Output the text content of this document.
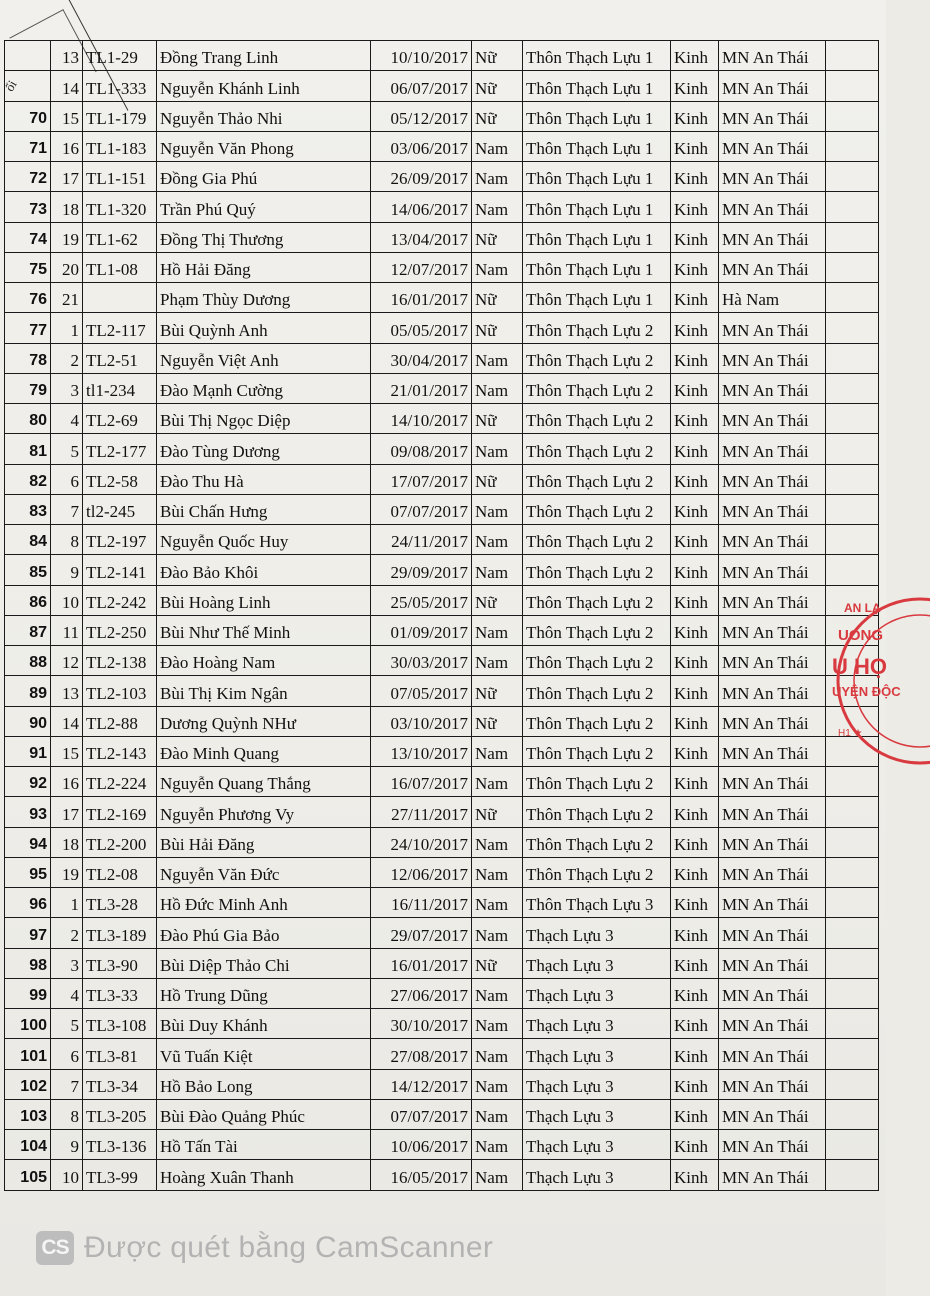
ối
	13	TL1-29	Đồng Trang Linh	10/10/2017	Nữ	Thôn Thạch Lựu 1	Kinh	MN An Thái	
	14	TL1-333	Nguyễn Khánh Linh	06/07/2017	Nữ	Thôn Thạch Lựu 1	Kinh	MN An Thái	
70	15	TL1-179	Nguyễn Thảo Nhi	05/12/2017	Nữ	Thôn Thạch Lựu 1	Kinh	MN An Thái	
71	16	TL1-183	Nguyễn Văn Phong	03/06/2017	Nam	Thôn Thạch Lựu 1	Kinh	MN An Thái	
72	17	TL1-151	Đồng Gia Phú	26/09/2017	Nam	Thôn Thạch Lựu 1	Kinh	MN An Thái	
73	18	TL1-320	Trần Phú Quý	14/06/2017	Nam	Thôn Thạch Lựu 1	Kinh	MN An Thái	
74	19	TL1-62	Đồng Thị Thương	13/04/2017	Nữ	Thôn Thạch Lựu 1	Kinh	MN An Thái	
75	20	TL1-08	Hồ Hải Đăng	12/07/2017	Nam	Thôn Thạch Lựu 1	Kinh	MN An Thái	
76	21		Phạm Thùy Dương	16/01/2017	Nữ	Thôn Thạch Lựu 1	Kinh	Hà Nam	
77	1	TL2-117	Bùi Quỳnh Anh	05/05/2017	Nữ	Thôn Thạch Lựu 2	Kinh	MN An Thái	
78	2	TL2-51	Nguyễn Việt Anh	30/04/2017	Nam	Thôn Thạch Lựu 2	Kinh	MN An Thái	
79	3	tl1-234	Đào Mạnh Cường	21/01/2017	Nam	Thôn Thạch Lựu 2	Kinh	MN An Thái	
80	4	TL2-69	Bùi Thị Ngọc Diệp	14/10/2017	Nữ	Thôn Thạch Lựu 2	Kinh	MN An Thái	
81	5	TL2-177	Đào Tùng Dương	09/08/2017	Nam	Thôn Thạch Lựu 2	Kinh	MN An Thái	
82	6	TL2-58	Đào Thu Hà	17/07/2017	Nữ	Thôn Thạch Lựu 2	Kinh	MN An Thái	
83	7	tl2-245	Bùi Chấn Hưng	07/07/2017	Nam	Thôn Thạch Lựu 2	Kinh	MN An Thái	
84	8	TL2-197	Nguyễn Quốc Huy	24/11/2017	Nam	Thôn Thạch Lựu 2	Kinh	MN An Thái	
85	9	TL2-141	Đào Bảo Khôi	29/09/2017	Nam	Thôn Thạch Lựu 2	Kinh	MN An Thái	
86	10	TL2-242	Bùi Hoàng Linh	25/05/2017	Nữ	Thôn Thạch Lựu 2	Kinh	MN An Thái	
87	11	TL2-250	Bùi Như Thế Minh	01/09/2017	Nam	Thôn Thạch Lựu 2	Kinh	MN An Thái	
88	12	TL2-138	Đào Hoàng Nam	30/03/2017	Nam	Thôn Thạch Lựu 2	Kinh	MN An Thái	
89	13	TL2-103	Bùi Thị Kim Ngân	07/05/2017	Nữ	Thôn Thạch Lựu 2	Kinh	MN An Thái	
90	14	TL2-88	Dương Quỳnh NHư	03/10/2017	Nữ	Thôn Thạch Lựu 2	Kinh	MN An Thái	
91	15	TL2-143	Đào Minh Quang	13/10/2017	Nam	Thôn Thạch Lựu 2	Kinh	MN An Thái	
92	16	TL2-224	Nguyễn Quang Thắng	16/07/2017	Nam	Thôn Thạch Lựu 2	Kinh	MN An Thái	
93	17	TL2-169	Nguyễn Phương Vy	27/11/2017	Nữ	Thôn Thạch Lựu 2	Kinh	MN An Thái	
94	18	TL2-200	Bùi Hải Đăng	24/10/2017	Nam	Thôn Thạch Lựu 2	Kinh	MN An Thái	
95	19	TL2-08	Nguyễn Văn Đức	12/06/2017	Nam	Thôn Thạch Lựu 2	Kinh	MN An Thái	
96	1	TL3-28	Hồ Đức Minh Anh	16/11/2017	Nam	Thôn Thạch Lựu 3	Kinh	MN An Thái	
97	2	TL3-189	Đào Phú Gia Bảo	29/07/2017	Nam	Thạch Lựu 3	Kinh	MN An Thái	
98	3	TL3-90	Bùi Diệp Thảo Chi	16/01/2017	Nữ	Thạch Lựu 3	Kinh	MN An Thái	
99	4	TL3-33	Hồ Trung Dũng	27/06/2017	Nam	Thạch Lựu 3	Kinh	MN An Thái	
100	5	TL3-108	Bùi Duy Khánh	30/10/2017	Nam	Thạch Lựu 3	Kinh	MN An Thái	
101	6	TL3-81	Vũ Tuấn Kiệt	27/08/2017	Nam	Thạch Lựu 3	Kinh	MN An Thái	
102	7	TL3-34	Hồ Bảo Long	14/12/2017	Nam	Thạch Lựu 3	Kinh	MN An Thái	
103	8	TL3-205	Bùi Đào Quảng Phúc	07/07/2017	Nam	Thạch Lựu 3	Kinh	MN An Thái	
104	9	TL3-136	Hồ Tấn Tài	10/06/2017	Nam	Thạch Lựu 3	Kinh	MN An Thái	
105	10	TL3-99	Hoàng Xuân Thanh	16/05/2017	Nam	Thạch Lựu 3	Kinh	MN An Thái	
AN LẠ
UONG
U HỌ
UYỆN ĐỘC
H1 ★
CS Được quét bằng CamScanner
